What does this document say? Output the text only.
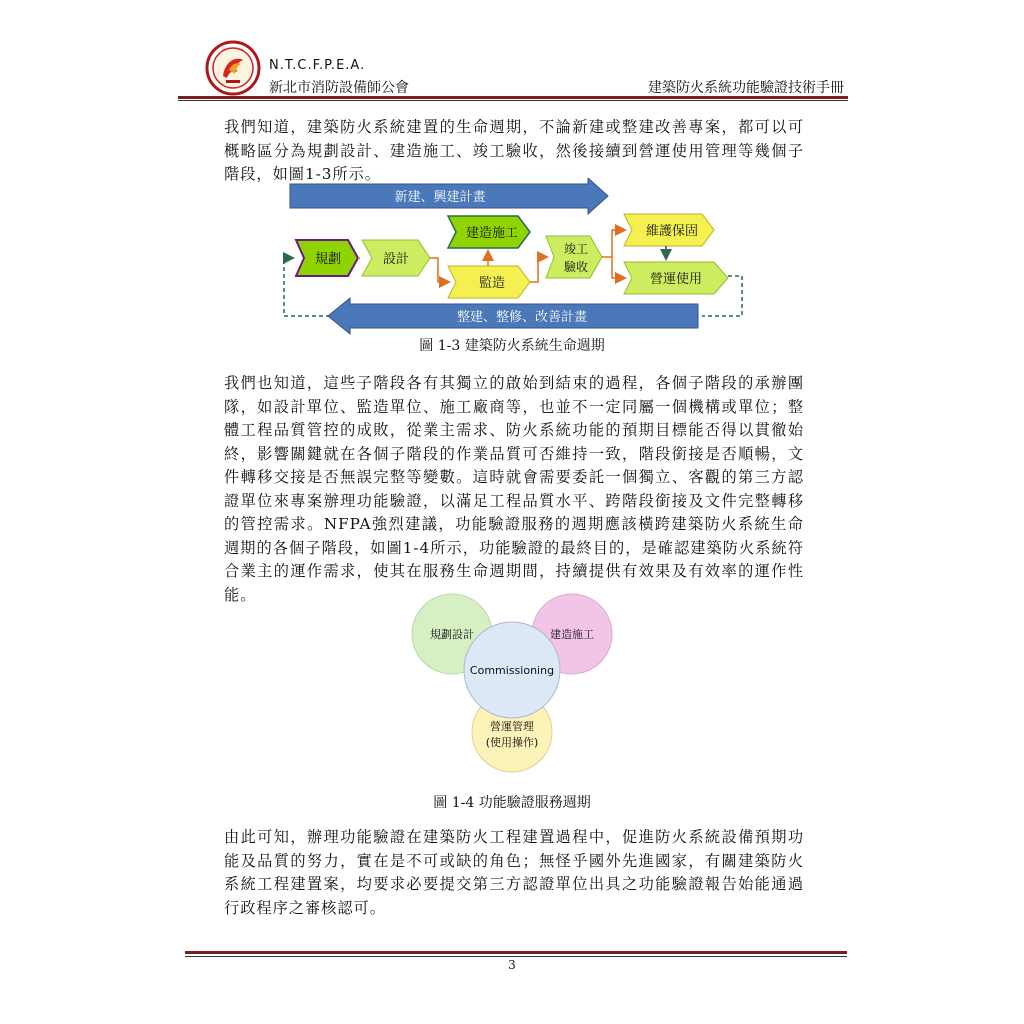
N.T.C.F.P.E.A.
新北市消防設備師公會	建築防火系統功能驗證技術手冊
我們知道，建築防火系統建置的生命週期，不論新建或整建改善專案，都可以可概略區分為規劃設計、建造施工、竣工驗收，然後接續到營運使用管理等幾個子階段，如圖1-3所示。
新建、興建計畫
整建、整修、改善計畫
規劃	設計
建造施工
監造
竣工
驗收
維護保固
營運使用
圖 1-3 建築防火系統生命週期
我們也知道，這些子階段各有其獨立的啟始到結束的過程，各個子階段的承辦團隊，如設計單位、監造單位、施工廠商等，也並不一定同屬一個機構或單位；整體工程品質管控的成敗，從業主需求、防火系統功能的預期目標能否得以貫徹始終，影響關鍵就在各個子階段的作業品質可否維持一致，階段銜接是否順暢，文件轉移交接是否無誤完整等變數。這時就會需要委託一個獨立、客觀的第三方認證單位來專案辦理功能驗證，以滿足工程品質水平、跨階段銜接及文件完整轉移的管控需求。NFPA強烈建議，功能驗證服務的週期應該橫跨建築防火系統生命週期的各個子階段，如圖1-4所示，功能驗證的最終目的，是確認建築防火系統符合業主的運作需求，使其在服務生命週期間，持續提供有效果及有效率的運作性能。
規劃設計	建造施工
營運管理
(使用操作)
Commissioning
圖 1-4 功能驗證服務週期
由此可知，辦理功能驗證在建築防火工程建置過程中，促進防火系統設備預期功能及品質的努力，實在是不可或缺的角色；無怪乎國外先進國家，有關建築防火系統工程建置案，均要求必要提交第三方認證單位出具之功能驗證報告始能通過行政程序之審核認可。
3
